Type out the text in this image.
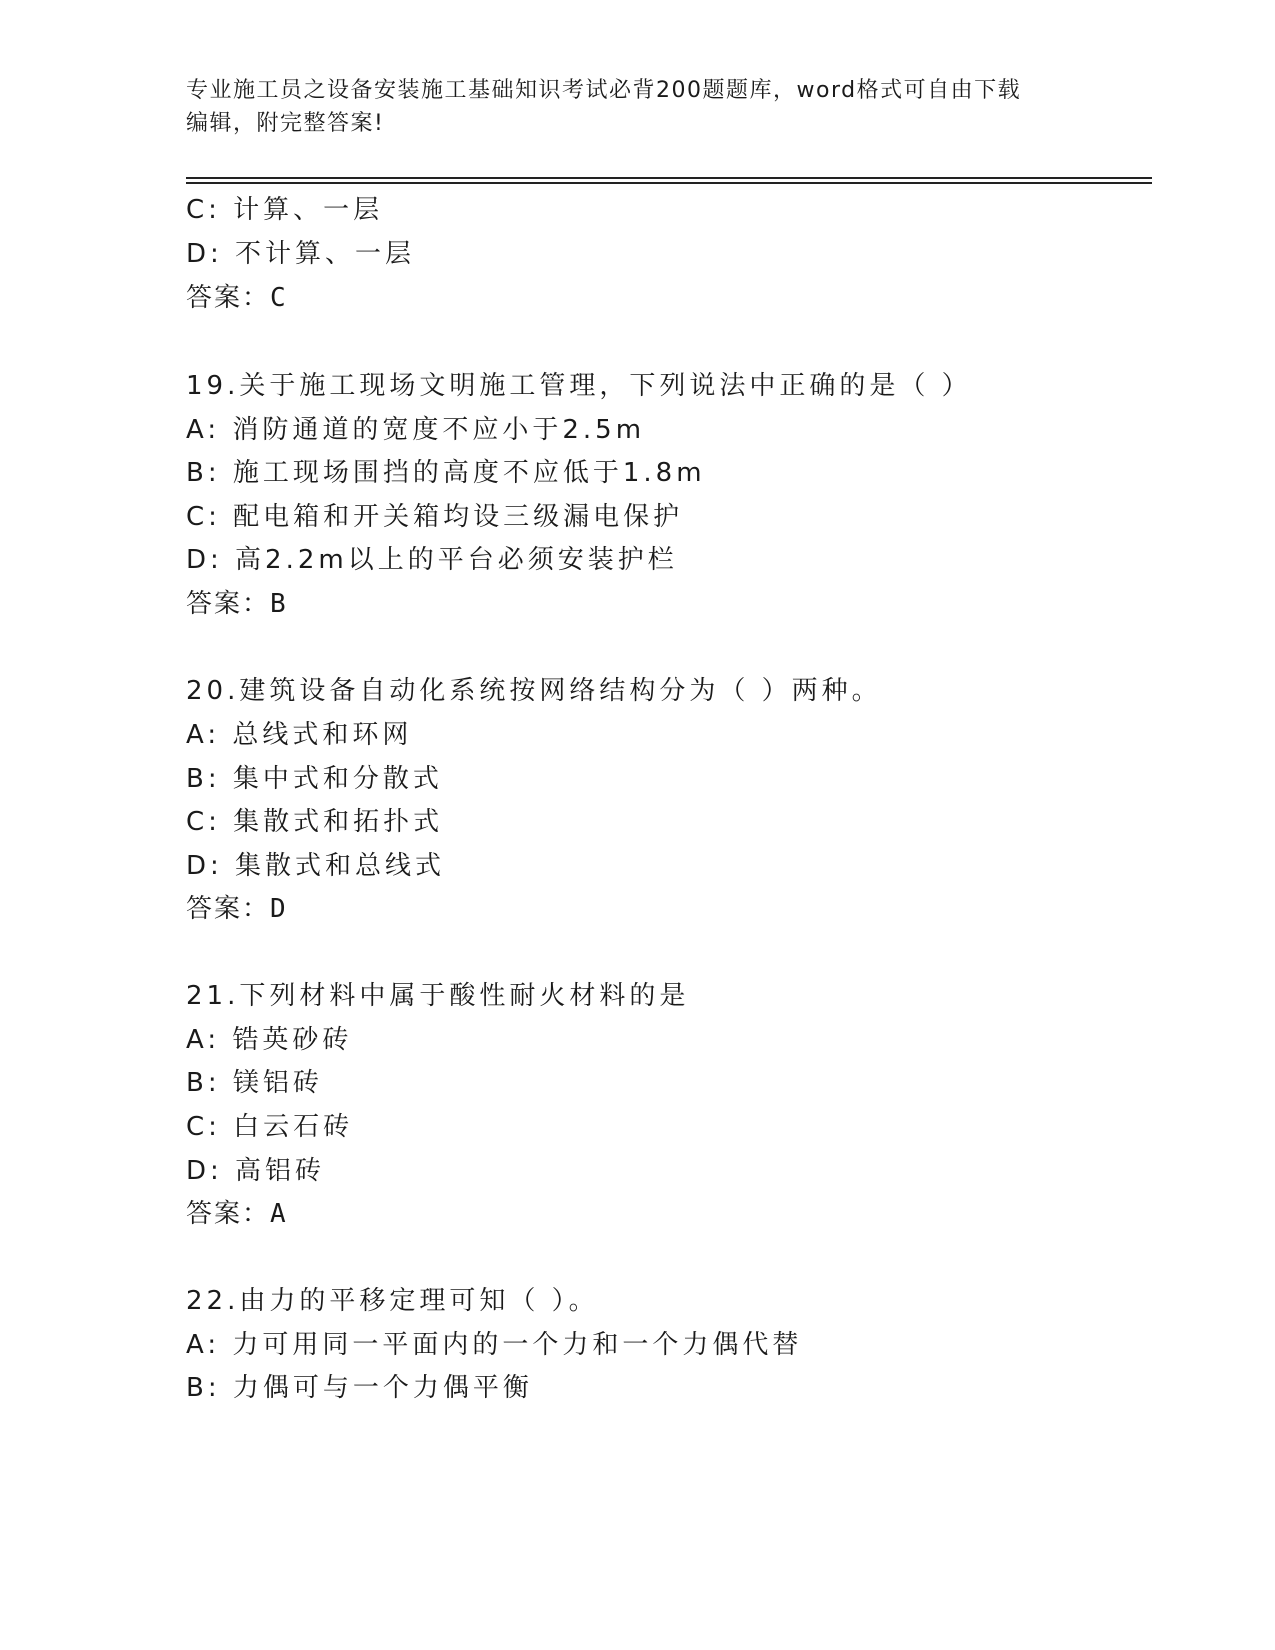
专业施工员之设备安装施工基础知识考试必背200题题库，word格式可自由下载
编辑，附完整答案!
C: 计算、一层
D: 不计算、一层
答案：C
19.关于施工现场文明施工管理，下列说法中正确的是（ ）
A: 消防通道的宽度不应小于2.5m
B: 施工现场围挡的高度不应低于1.8m
C: 配电箱和开关箱均设三级漏电保护
D: 高2.2m以上的平台必须安装护栏
答案：B
20.建筑设备自动化系统按网络结构分为（ ）两种。
A: 总线式和环网
B: 集中式和分散式
C: 集散式和拓扑式
D: 集散式和总线式
答案：D
21.下列材料中属于酸性耐火材料的是
A: 锆英砂砖
B: 镁铝砖
C: 白云石砖
D: 高铝砖
答案：A
22.由力的平移定理可知（ ）。
A: 力可用同一平面内的一个力和一个力偶代替
B: 力偶可与一个力偶平衡
